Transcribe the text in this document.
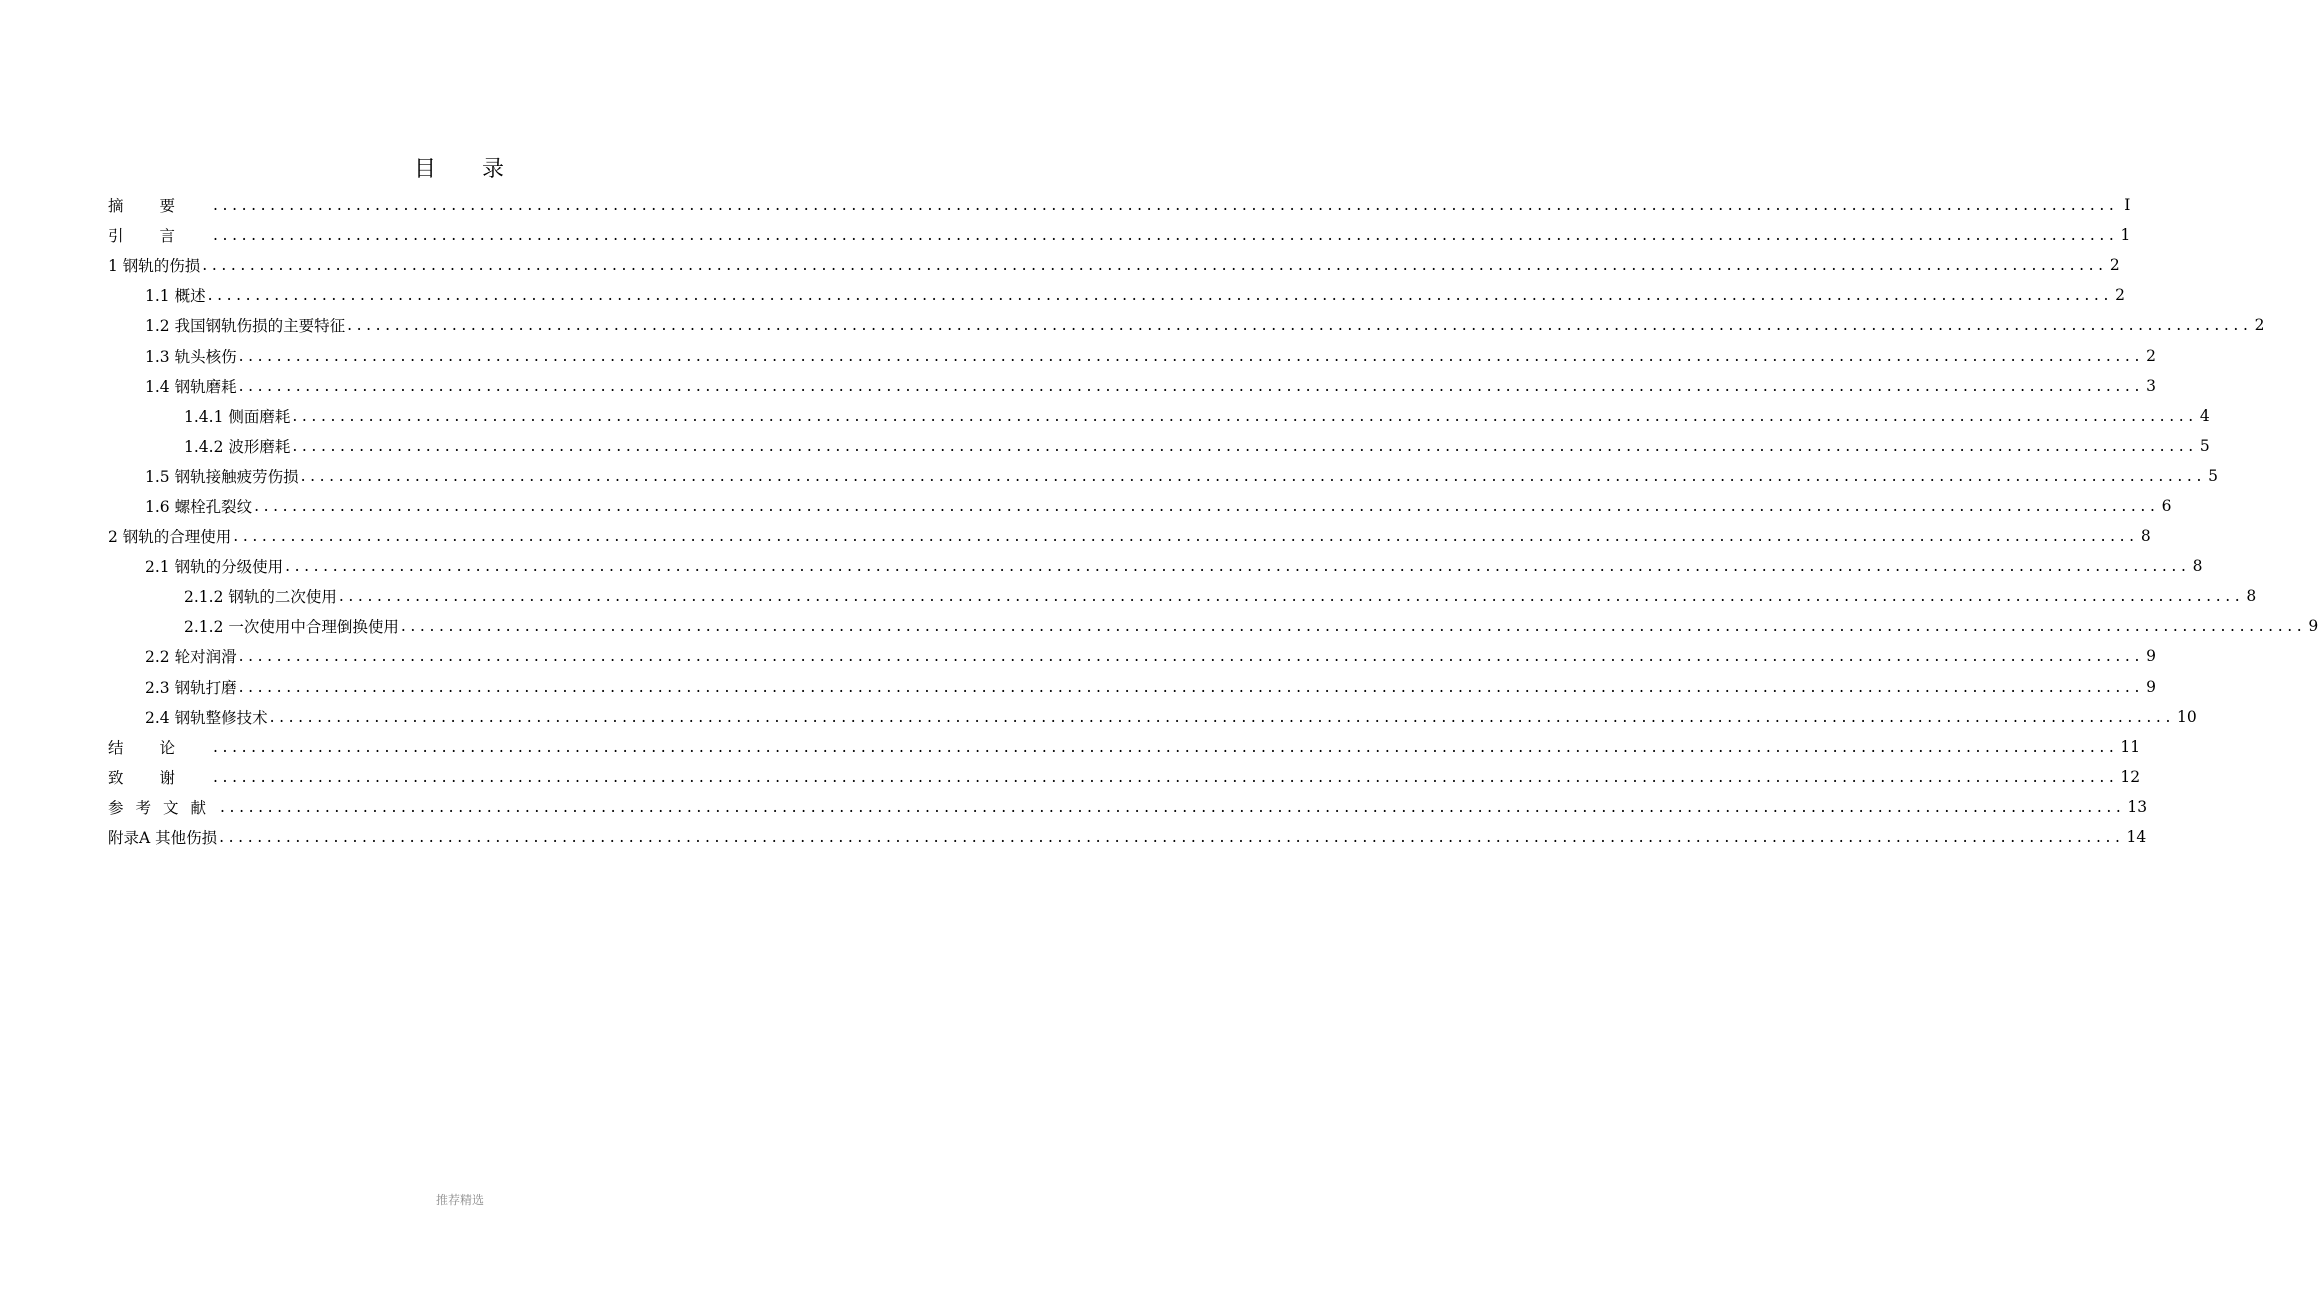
目 录
摘要 ........................................................................................................................................................................................................ I
引言 ........................................................................................................................................................................................................ 1
1 钢轨的伤损 ........................................................................................................................................................................................................ 2
1.1 概述 ........................................................................................................................................................................................................ 2
1.2 我国钢轨伤损的主要特征 ........................................................................................................................................................................................................ 2
1.3 轨头核伤 ........................................................................................................................................................................................................ 2
1.4 钢轨磨耗 ........................................................................................................................................................................................................ 3
1.4.1 侧面磨耗 ........................................................................................................................................................................................................ 4
1.4.2 波形磨耗 ........................................................................................................................................................................................................ 5
1.5 钢轨接触疲劳伤损 ........................................................................................................................................................................................................ 5
1.6 螺栓孔裂纹 ........................................................................................................................................................................................................ 6
2 钢轨的合理使用 ........................................................................................................................................................................................................ 8
2.1 钢轨的分级使用 ........................................................................................................................................................................................................ 8
2.1.2 钢轨的二次使用 ........................................................................................................................................................................................................ 8
2.1.2 一次使用中合理倒换使用 ........................................................................................................................................................................................................ 9
2.2 轮对润滑 ........................................................................................................................................................................................................ 9
2.3 钢轨打磨 ........................................................................................................................................................................................................ 9
2.4 钢轨整修技术 ........................................................................................................................................................................................................ 10
结论 ........................................................................................................................................................................................................ 11
致谢 ........................................................................................................................................................................................................ 12
参考文献 ........................................................................................................................................................................................................ 13
附录A 其他伤损 ........................................................................................................................................................................................................ 14
推荐精选
